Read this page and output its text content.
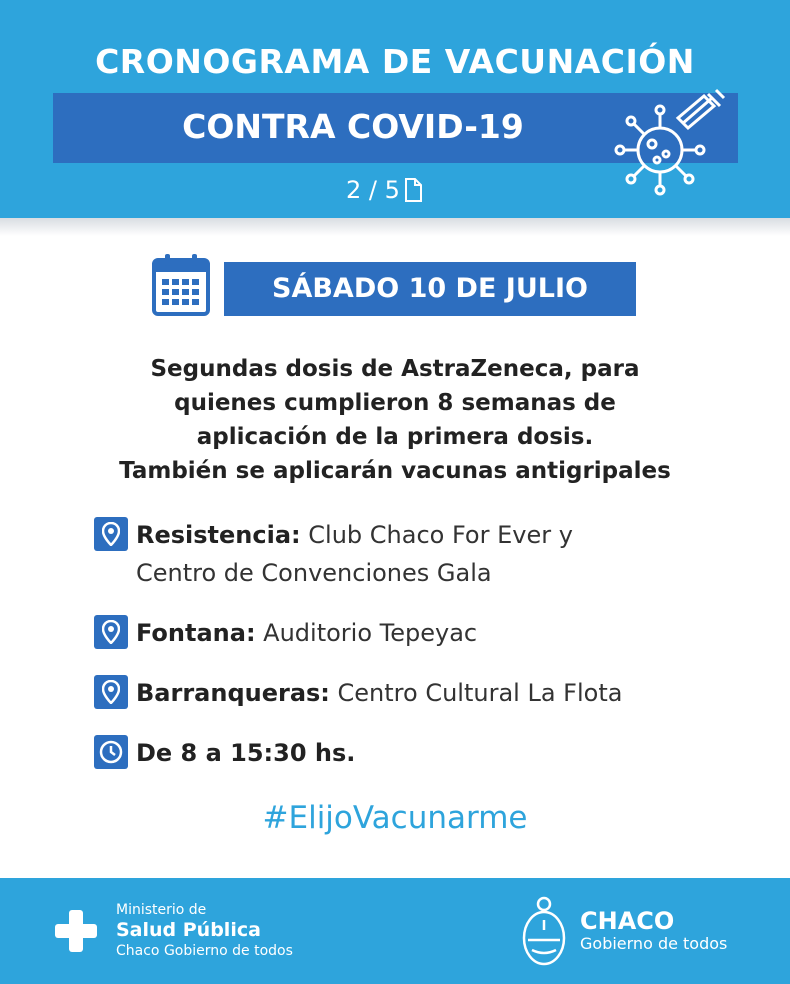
CRONOGRAMA DE VACUNACIÓN
CONTRA COVID-19
2 / 5
SÁBADO 10 DE JULIO
Segundas dosis de AstraZeneca, para
quienes cumplieron 8 semanas de
aplicación de la primera dosis.
También se aplicarán vacunas antigripales
Resistencia: Club Chaco For Ever y
Centro de Convenciones Gala
Fontana: Auditorio Tepeyac
Barranqueras: Centro Cultural La Flota
De 8 a 15:30 hs.
#ElijoVacunarme
Ministerio de
Salud Pública
Chaco Gobierno de todos
CHACO
Gobierno de todos
